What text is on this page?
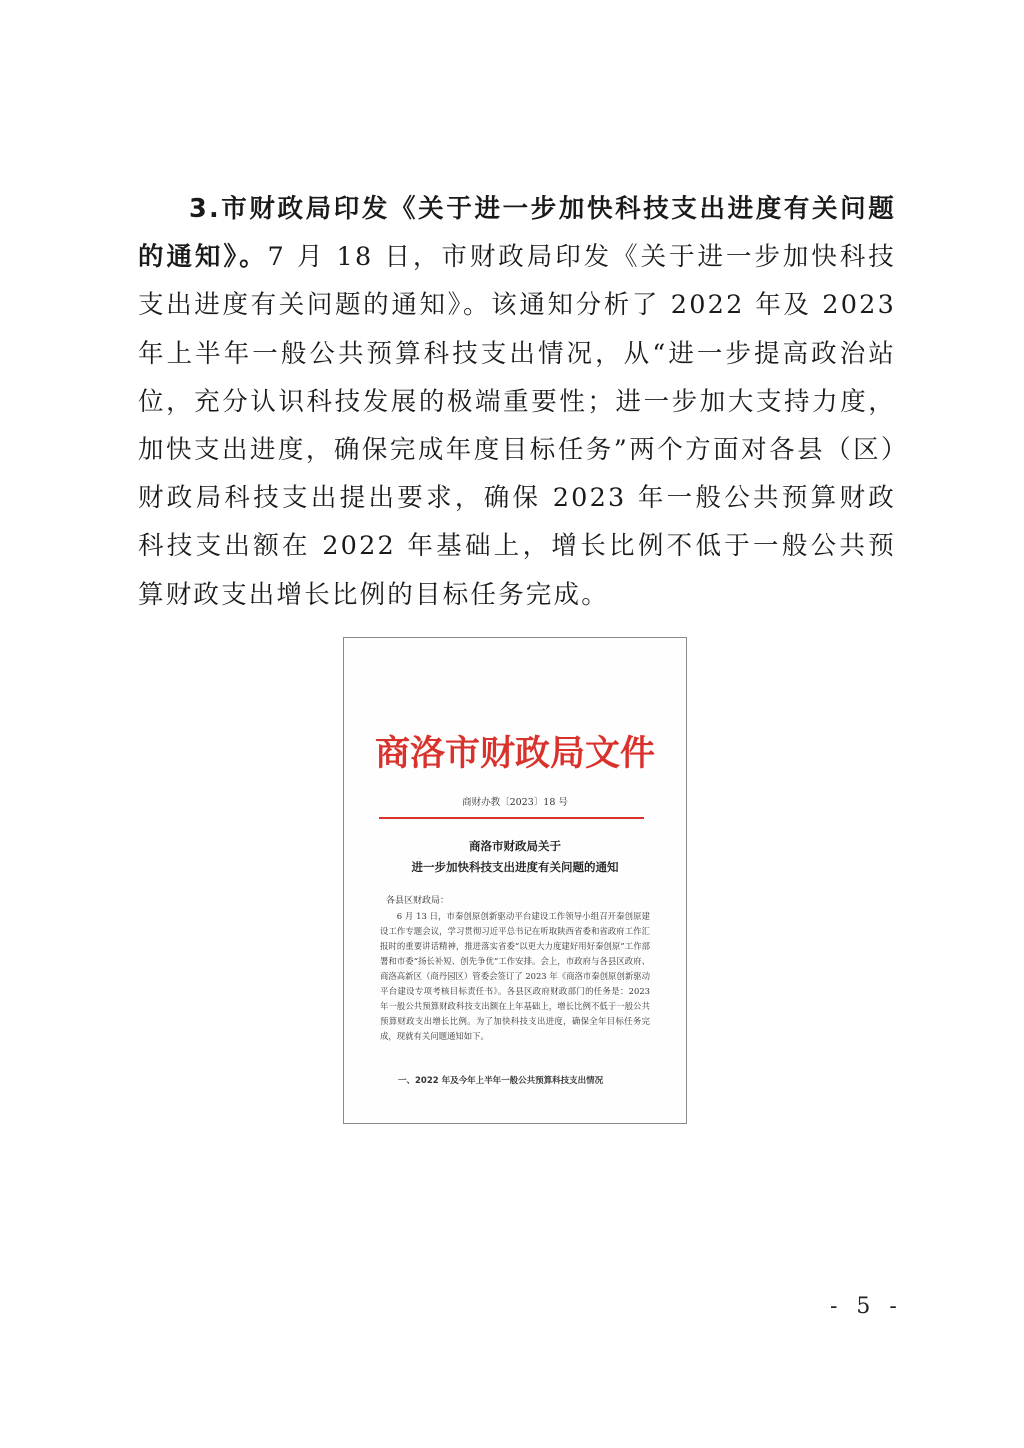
3.市财政局印发《关于进一步加快科技支出进度有关问题的通知》。7 月 18 日，市财政局印发《关于进一步加快科技支出进度有关问题的通知》。该通知分析了 2022 年及 2023 年上半年一般公共预算科技支出情况，从“进一步提高政治站位，充分认识科技发展的极端重要性；进一步加大支持力度，加快支出进度，确保完成年度目标任务”两个方面对各县（区）财政局科技支出提出要求，确保 2023 年一般公共预算财政科技支出额在 2022 年基础上，增长比例不低于一般公共预算财政支出增长比例的目标任务完成。

商洛市财政局文件
商财办教〔2023〕18 号
商洛市财政局关于
进一步加快科技支出进度有关问题的通知
各县区财政局：

6 月 13 日，市秦创原创新驱动平台建设工作领导小组召开秦创原建设工作专题会议，学习贯彻习近平总书记在听取陕西省委和省政府工作汇报时的重要讲话精神，推进落实省委“以更大力度建好用好秦创原”工作部署和市委“扬长补短、创先争优”工作安排。会上，市政府与各县区政府、商洛高新区（商丹园区）管委会签订了 2023 年《商洛市秦创原创新驱动平台建设专项考核目标责任书》。各县区政府财政部门的任务是：2023 年一般公共预算财政科技支出额在上年基础上，增长比例不低于一般公共预算财政支出增长比例。为了加快科技支出进度，确保全年目标任务完成，现就有关问题通知如下。

一、2022 年及今年上半年一般公共预算科技支出情况
- 5 -
